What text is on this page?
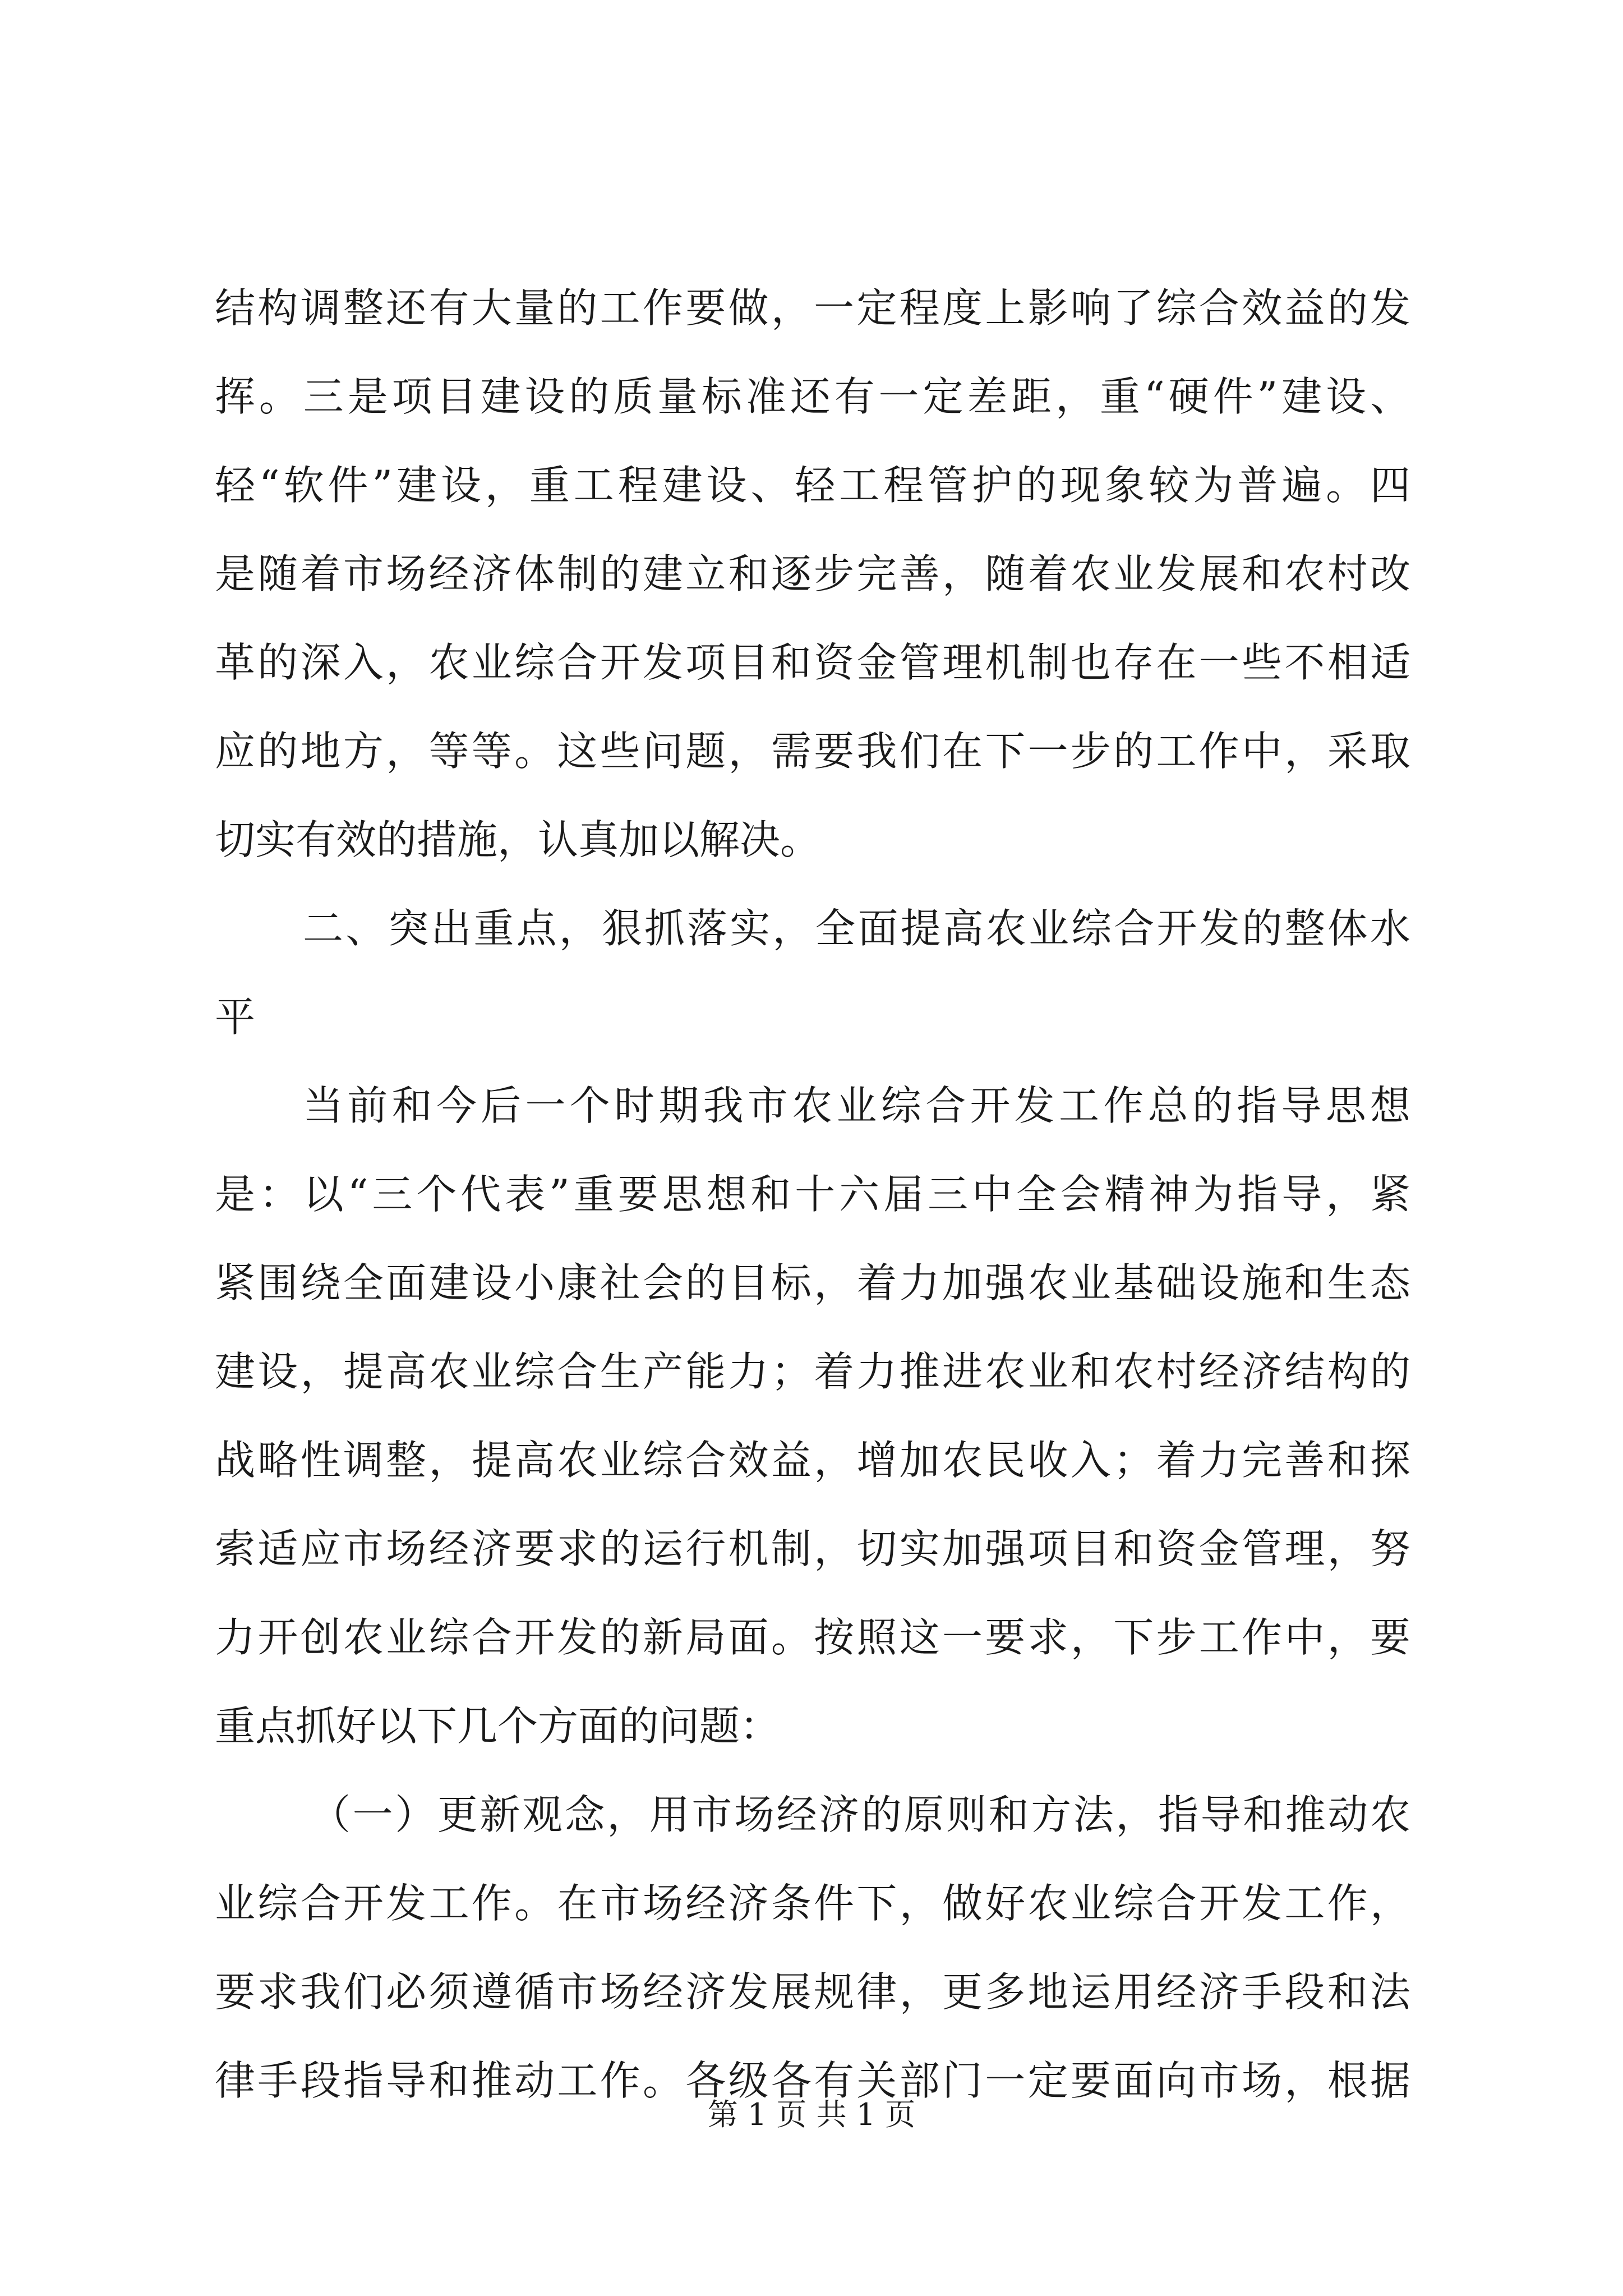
结构调整还有大量的工作要做，一定程度上影响了综合效益的发
挥。三是项目建设的质量标准还有一定差距，重“硬件”建设、
轻“软件”建设，重工程建设、轻工程管护的现象较为普遍。四
是随着市场经济体制的建立和逐步完善，随着农业发展和农村改
革的深入，农业综合开发项目和资金管理机制也存在一些不相适
应的地方，等等。这些问题，需要我们在下一步的工作中，采取
切实有效的措施，认真加以解决。
二、突出重点，狠抓落实，全面提高农业综合开发的整体水
平
当前和今后一个时期我市农业综合开发工作总的指导思想
是：以“三个代表”重要思想和十六届三中全会精神为指导，紧
紧围绕全面建设小康社会的目标，着力加强农业基础设施和生态
建设，提高农业综合生产能力；着力推进农业和农村经济结构的
战略性调整，提高农业综合效益，增加农民收入；着力完善和探
索适应市场经济要求的运行机制，切实加强项目和资金管理，努
力开创农业综合开发的新局面。按照这一要求，下步工作中，要
重点抓好以下几个方面的问题：
（一）更新观念，用市场经济的原则和方法，指导和推动农
业综合开发工作。在市场经济条件下，做好农业综合开发工作，
要求我们必须遵循市场经济发展规律，更多地运用经济手段和法
律手段指导和推动工作。各级各有关部门一定要面向市场，根据
第 1 页 共 1 页
